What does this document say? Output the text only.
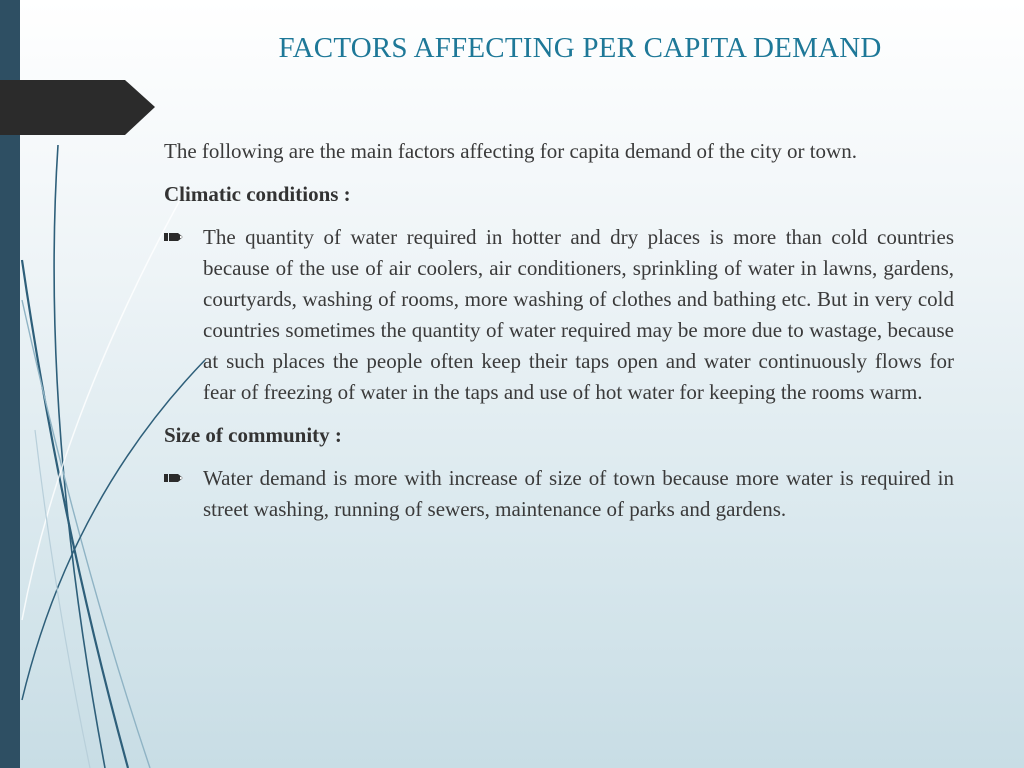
FACTORS AFFECTING PER CAPITA DEMAND

The following are the main factors affecting for capita demand of the city or town.

Climatic conditions :

The quantity of water required in hotter and dry places is more than cold countries because of the use of air coolers, air conditioners, sprinkling of water in lawns, gardens, courtyards, washing of rooms, more washing of clothes and bathing etc. But in very cold countries sometimes the quantity of water required may be more due to wastage, because at such places the people often keep their taps open and water continuously flows for fear of freezing of water in the taps and use of hot water for keeping the rooms warm.

Size of community :

Water demand is more with increase of size of town because more water is required in street washing, running of sewers, maintenance of parks and gardens.
